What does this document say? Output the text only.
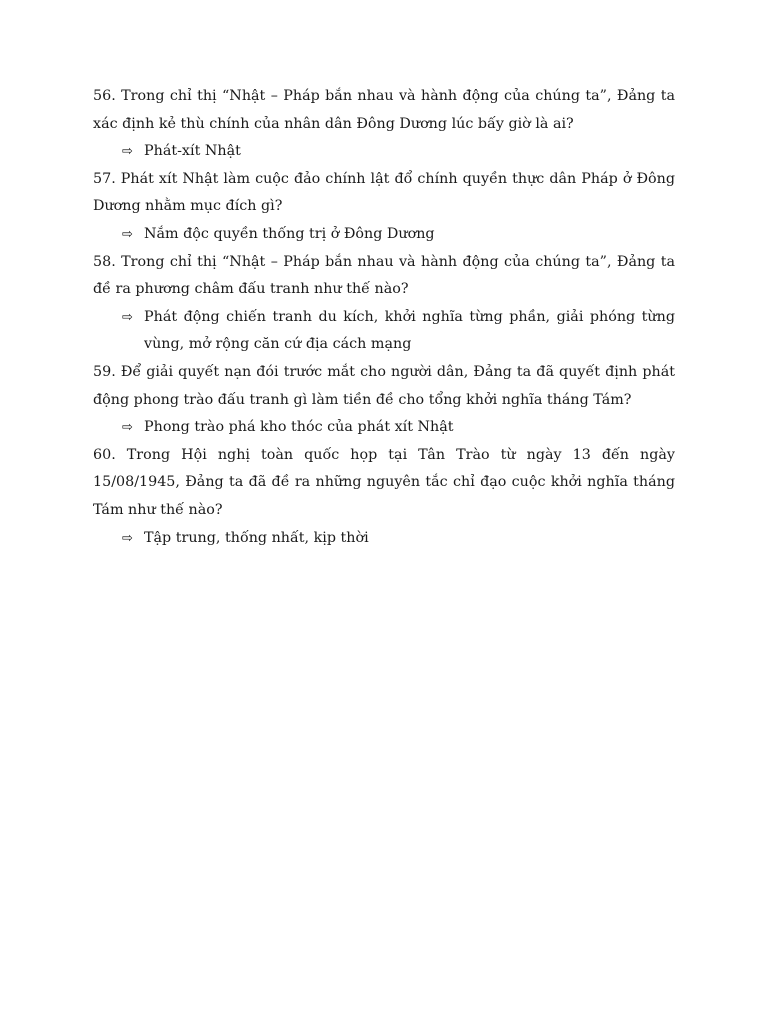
56. Trong chỉ thị “Nhật – Pháp bắn nhau và hành động của chúng ta”, Đảng ta xác định kẻ thù chính của nhân dân Đông Dương lúc bấy giờ là ai?

⇨ Phát-xít Nhật

57. Phát xít Nhật làm cuộc đảo chính lật đổ chính quyền thực dân Pháp ở Đông Dương nhằm mục đích gì?

⇨ Nắm độc quyền thống trị ở Đông Dương

58. Trong chỉ thị “Nhật – Pháp bắn nhau và hành động của chúng ta”, Đảng ta đề ra phương châm đấu tranh như thế nào?

⇨ Phát động chiến tranh du kích, khởi nghĩa từng phần, giải phóng từng vùng, mở rộng căn cứ địa cách mạng

59. Để giải quyết nạn đói trước mắt cho người dân, Đảng ta đã quyết định phát động phong trào đấu tranh gì làm tiền đề cho tổng khởi nghĩa tháng Tám?

⇨ Phong trào phá kho thóc của phát xít Nhật

60. Trong Hội nghị toàn quốc họp tại Tân Trào từ ngày 13 đến ngày 15/08/1945, Đảng ta đã đề ra những nguyên tắc chỉ đạo cuộc khởi nghĩa tháng Tám như thế nào?

⇨ Tập trung, thống nhất, kịp thời
